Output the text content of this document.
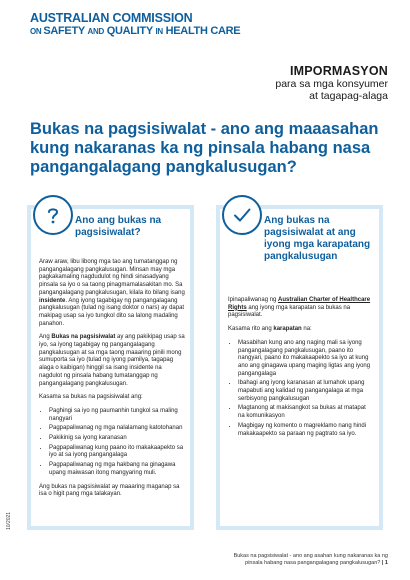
AUSTRALIAN COMMISSION
ON SAFETY AND QUALITY IN HEALTH CARE
IMPORMASYON
para sa mga konsyumer
at tagapag-alaga
Bukas na pagsisiwalat - ano ang maaasahan kung nakaranas ka ng pinsala habang nasa pangangalagang pangkalusugan?
Ano ang bukas na pagsisiwalat?

Araw araw, libu libong mga tao ang tumatanggap ng pangangalagang pangkalusugan. Minsan may mga pagkakamaling nagdudulot ng hindi sinasadyang pinsala sa iyo o sa taong pinagmamalasakitan mo. Sa pangangalagang pangkalusugan, kilala ito bilang isang insidente. Ang iyong tagabigay ng pangangalagang pangkalusugan (tulad ng isang doktor o nars) ay dapat makipag usap sa iyo tungkol dito sa lalong madaling panahon.

Ang Bukas na pagsisiwalat ay ang pakikipag usap sa iyo, sa iyong tagabigay ng pangangalagang pangkalusugan at sa mga taong maaaring pinili mong sumuporta sa iyo (tulad ng iyong pamilya, tagapag alaga o kaibigan) hinggil sa isang insidente na nagdulot ng pinsala habang tumatanggap ng pangangalagang pangkalusugan.

Kasama sa bukas na pagsisiwalat ang:

• Paghingi sa iyo ng paumanhin tungkol sa maling nangyari
• Pagpapaliwanag ng mga nalalamang katotohanan
• Pakikinig sa iyong karanasan
• Pagpapaliwanag kung paano ito makakaapekto sa iyo at sa iyong pangangalaga
• Pagpapaliwanag ng mga hakbang na ginagawa upang maiwasan itong mangyaring muli.

Ang bukas na pagsisiwalat ay maaaring maganap sa isa o higit pang mga talakayan.

Ang bukas na pagsisiwalat at ang iyong mga karapatang pangkalusugan

Ipinapaliwanag ng Australian Charter of Healthcare Rights ang iyong mga karapatan sa bukas na pagsisiwalat.

Kasama rito ang karapatan na:

• Masabihan kung ano ang naging mali sa iyong pangangalagang pangkalusugan, paano ito nangyari, paano ito makakaapekto sa iyo at kung ano ang ginagawa upang maging ligtas ang iyong pangangalaga
• Ibahagi ang iyong karanasan at lumahok upang mapabuti ang kalidad ng pangangalaga at mga serbisyong pangkalusugan
• Magtanong at makisangkot sa bukas at matapat na komunikasyon
• Magbigay ng komento o magreklamo nang hindi makakaapekto sa paraan ng pagtrato sa iyo.
10/2021
Bukas na pagsisiwalat - ano ang asahan kung nakaranas ka ng
pinsala habang nasa pangangalagang pangkalusugan? | 1
